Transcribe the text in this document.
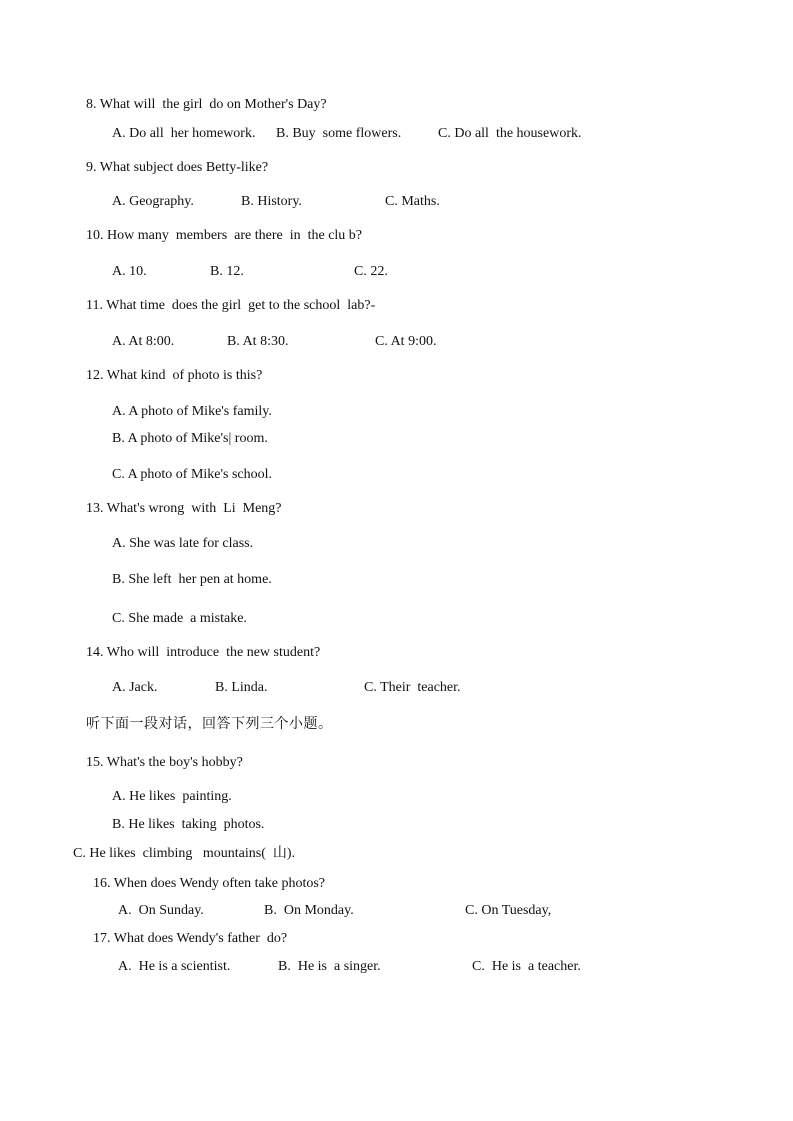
8. What will  the girl  do on Mother's Day?
A. Do all  her homework. B. Buy  some flowers.	C. Do all  the housework.
9. What subject does Betty-like?
A. Geography.	B. History.	C. Maths.
10. How many  members  are there  in  the clu b?
A. 10.	B. 12.	C. 22.
11. What time  does the girl  get to the school  lab?-
A. At 8:00.	B. At 8:30.	C. At 9:00.
12. What kind  of photo is this?
A. A photo of Mike's family.
B. A photo of Mike's| room.
C. A photo of Mike's school.
13. What's wrong  with  Li  Meng?
A. She was late for class.
B. She left  her pen at home.
C. She made  a mistake.
14. Who will  introduce  the new student?
A. Jack.	B. Linda.	C. Their  teacher.
听下面一段对话，回答下列三个小题。
15. What's the boy's hobby?
A. He likes  painting.
B. He likes  taking  photos.
C. He likes  climbing   mountains(  山).
16. When does Wendy often take photos?
A.  On Sunday.	B.  On Monday.	C. On Tuesday,
17. What does Wendy's father  do?
A.  He is a scientist.	B.  He is  a singer.	C.  He is  a teacher.
